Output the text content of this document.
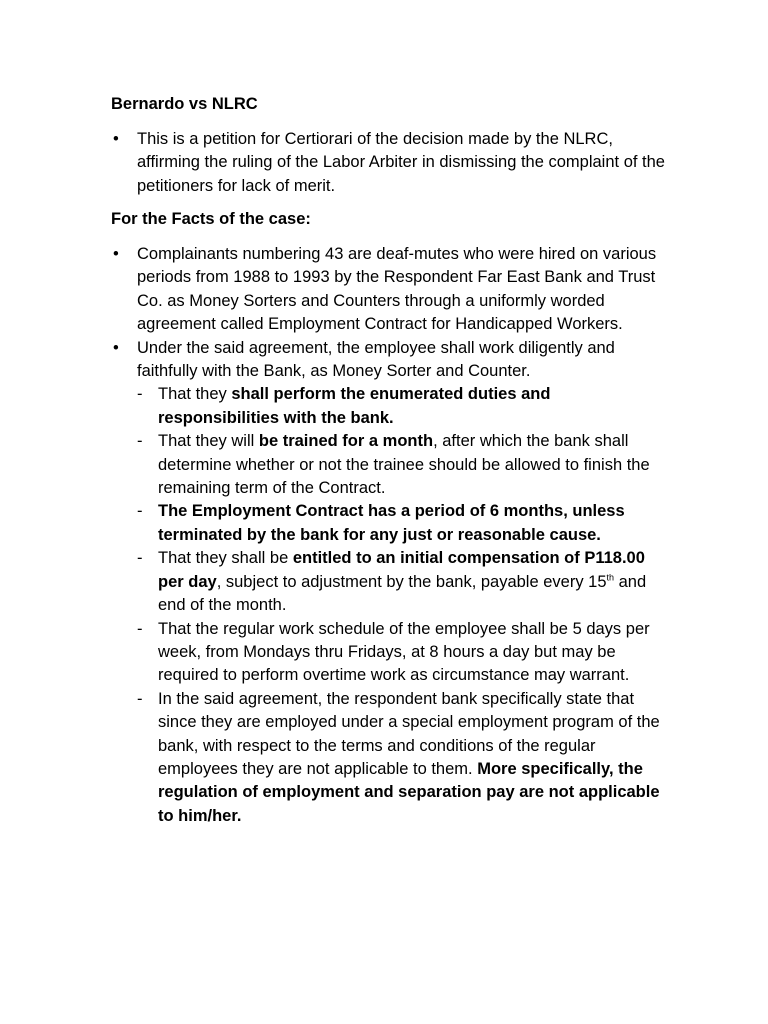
Bernardo vs NLRC
• This is a petition for Certiorari of the decision made by the NLRC, affirming the ruling of the Labor Arbiter in dismissing the complaint of the petitioners for lack of merit.
For the Facts of the case:
• Complainants numbering 43 are deaf-mutes who were hired on various periods from 1988 to 1993 by the Respondent Far East Bank and Trust Co. as Money Sorters and Counters through a uniformly worded agreement called Employment Contract for Handicapped Workers.
• Under the said agreement, the employee shall work diligently and faithfully with the Bank, as Money Sorter and Counter.
- That they shall perform the enumerated duties and responsibilities with the bank.
- That they will be trained for a month, after which the bank shall determine whether or not the trainee should be allowed to finish the remaining term of the Contract.
- The Employment Contract has a period of 6 months, unless terminated by the bank for any just or reasonable cause.
- That they shall be entitled to an initial compensation of P118.00 per day, subject to adjustment by the bank, payable every 15th and end of the month.
- That the regular work schedule of the employee shall be 5 days per week, from Mondays thru Fridays, at 8 hours a day but may be required to perform overtime work as circumstance may warrant.
- In the said agreement, the respondent bank specifically state that since they are employed under a special employment program of the bank, with respect to the terms and conditions of the regular employees they are not applicable to them. More specifically, the regulation of employment and separation pay are not applicable to him/her.
